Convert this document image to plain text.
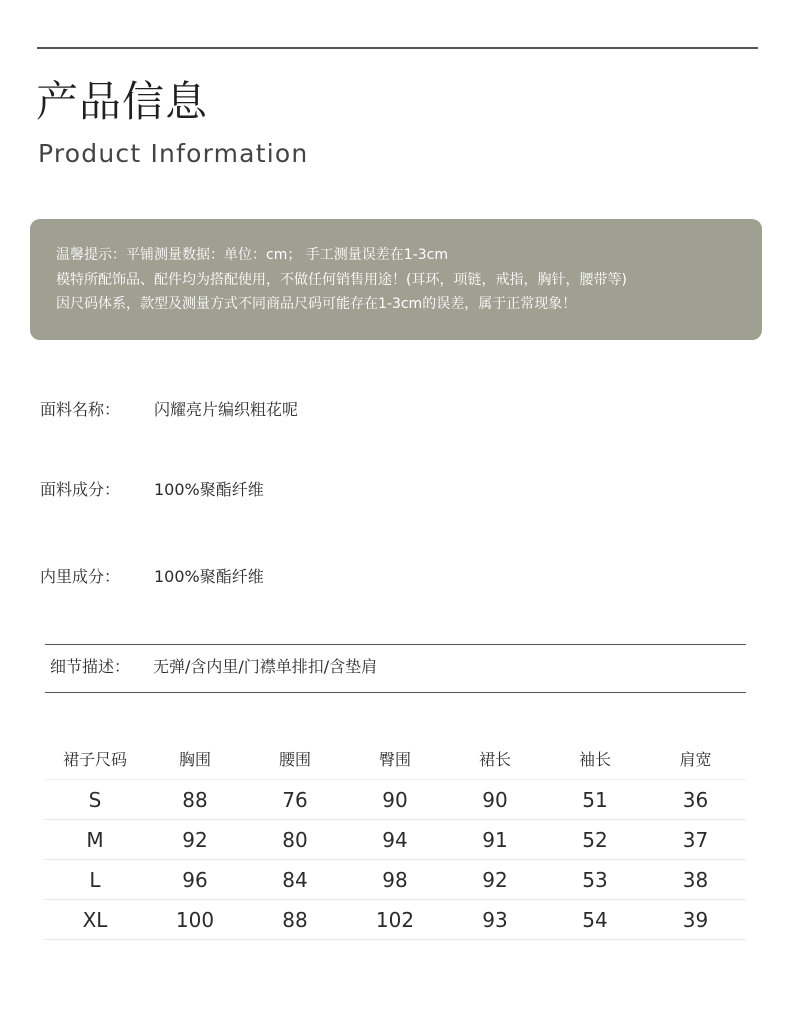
产品信息
Product Information
温馨提示：平铺测量数据：单位：cm； 手工测量误差在1-3cm
模特所配饰品、配件均为搭配使用，不做任何销售用途！(耳环，项链，戒指，胸针，腰带等)
因尺码体系，款型及测量方式不同商品尺码可能存在1-3cm的误差，属于正常现象！
面料名称： 闪耀亮片编织粗花呢
面料成分： 100%聚酯纤维
内里成分： 100%聚酯纤维
细节描述： 无弹/含内里/门襟单排扣/含垫肩
裙子尺码	胸围	腰围	臀围	裙长	袖长	肩宽
S	88	76	90	90	51	36
M	92	80	94	91	52	37
L	96	84	98	92	53	38
XL	100	88	102	93	54	39
